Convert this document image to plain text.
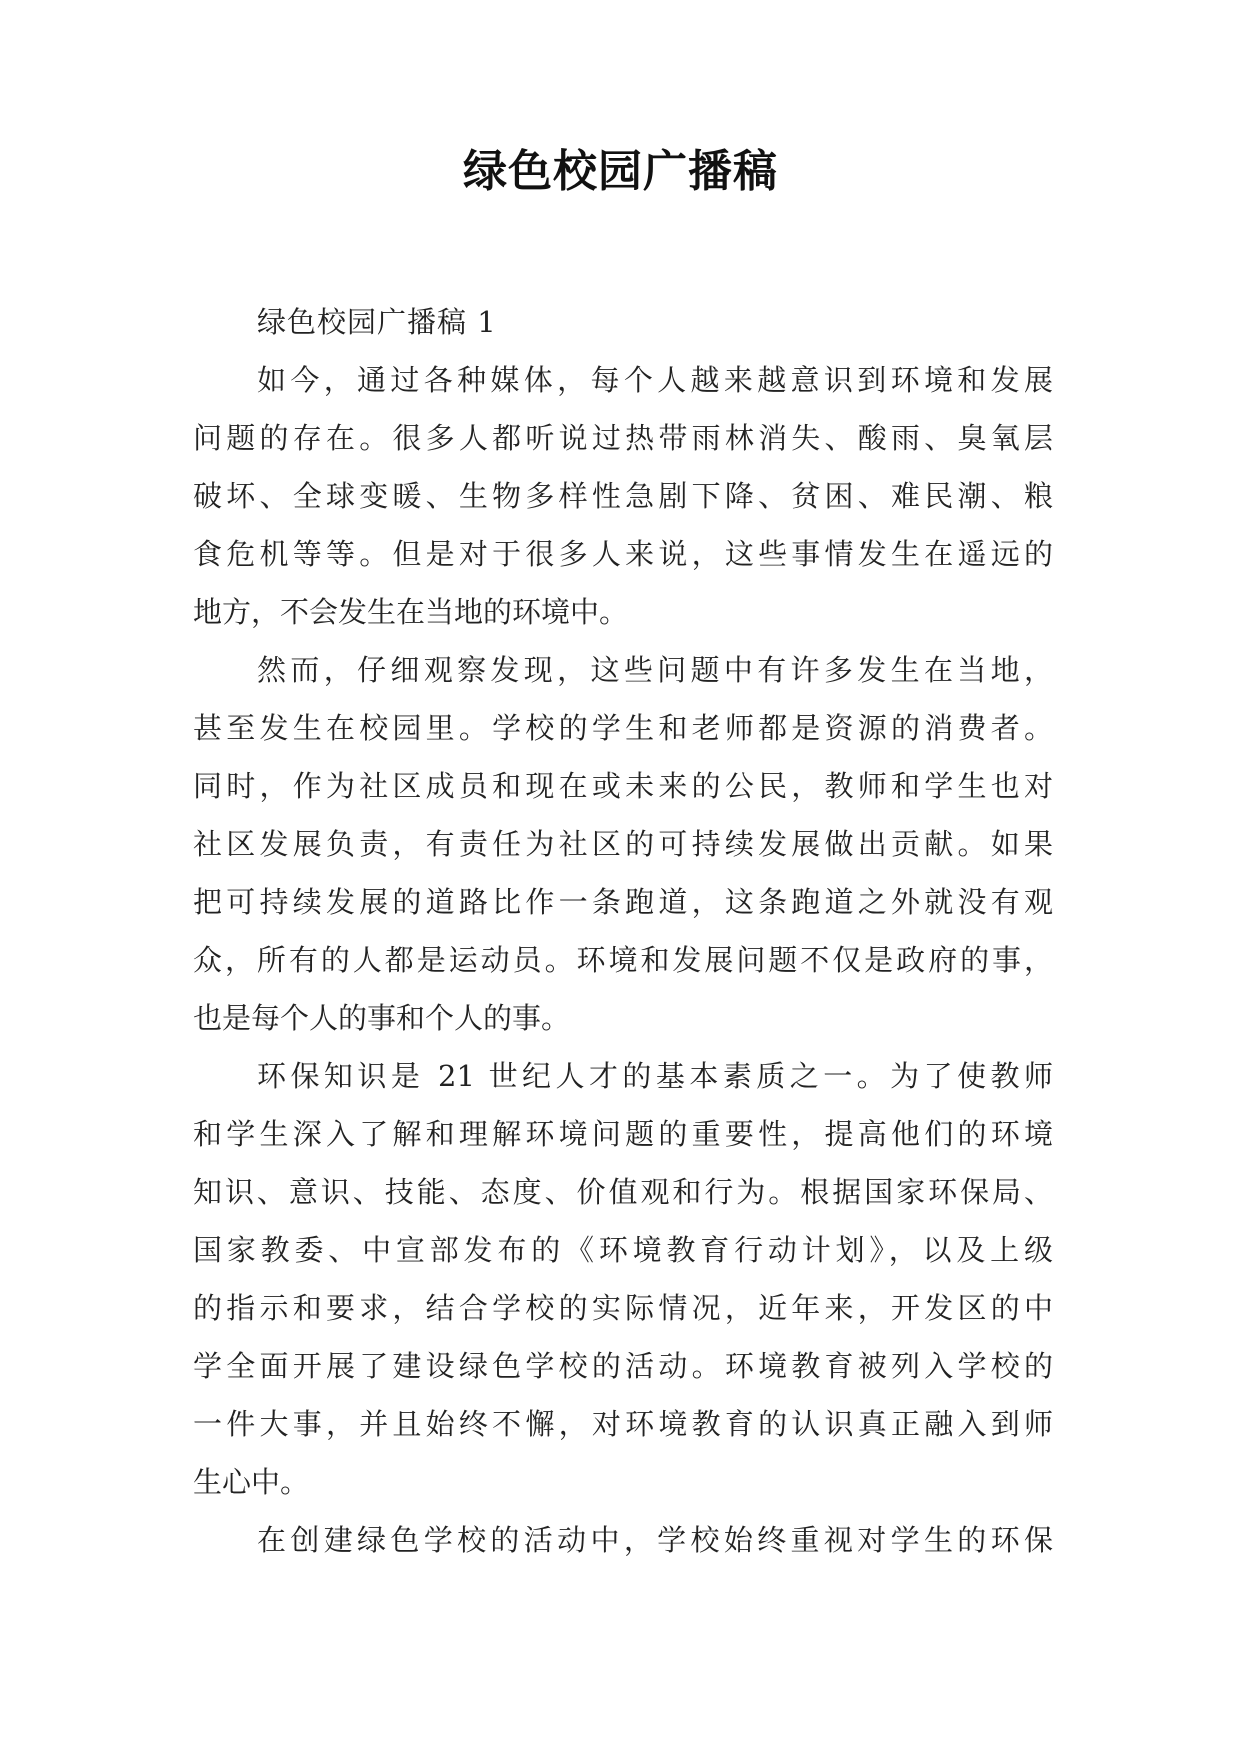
绿色校园广播稿
绿色校园广播稿 1
如今，通过各种媒体，每个人越来越意识到环境和发展
问题的存在。很多人都听说过热带雨林消失、酸雨、臭氧层
破坏、全球变暖、生物多样性急剧下降、贫困、难民潮、粮
食危机等等。但是对于很多人来说，这些事情发生在遥远的
地方，不会发生在当地的环境中。
然而，仔细观察发现，这些问题中有许多发生在当地，
甚至发生在校园里。学校的学生和老师都是资源的消费者。
同时，作为社区成员和现在或未来的公民，教师和学生也对
社区发展负责，有责任为社区的可持续发展做出贡献。如果
把可持续发展的道路比作一条跑道，这条跑道之外就没有观
众，所有的人都是运动员。环境和发展问题不仅是政府的事，
也是每个人的事和个人的事。
环保知识是 21 世纪人才的基本素质之一。为了使教师
和学生深入了解和理解环境问题的重要性，提高他们的环境
知识、意识、技能、态度、价值观和行为。根据国家环保局、
国家教委、中宣部发布的《环境教育行动计划》，以及上级
的指示和要求，结合学校的实际情况，近年来，开发区的中
学全面开展了建设绿色学校的活动。环境教育被列入学校的
一件大事，并且始终不懈，对环境教育的认识真正融入到师
生心中。
在创建绿色学校的活动中，学校始终重视对学生的环保
